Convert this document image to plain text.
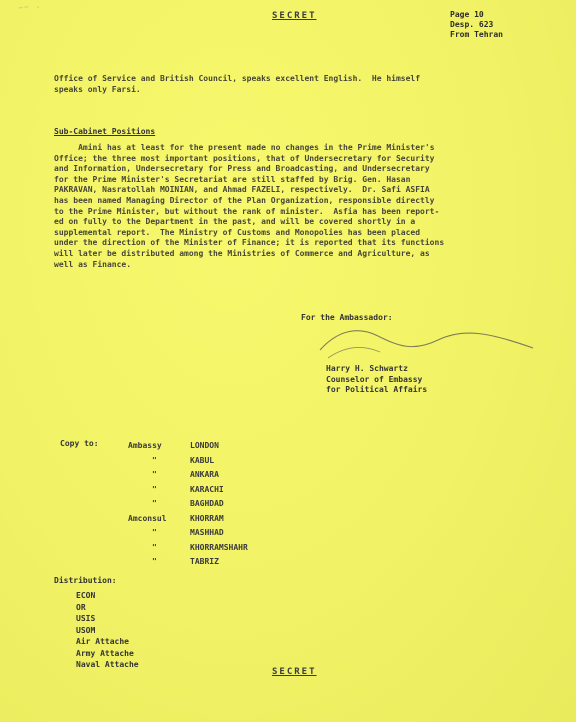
~~ .
SECRET	Page 10
Desp. 623
From Tehran
Office of Service and British Council, speaks excellent English.  He himself
speaks only Farsi.
Sub-Cabinet Positions
Amini has at least for the present made no changes in the Prime Minister's
Office; the three most important positions, that of Undersecretary for Security
and Information, Undersecretary for Press and Broadcasting, and Undersecretary
for the Prime Minister's Secretariat are still staffed by Brig. Gen. Hasan
PAKRAVAN, Nasratollah MOINIAN, and Ahmad FAZELI, respectively.  Dr. Safi ASFIA
has been named Managing Director of the Plan Organization, responsible directly
to the Prime Minister, but without the rank of minister.  Asfia has been report-
ed on fully to the Department in the past, and will be covered shortly in a
supplemental report.  The Ministry of Customs and Monopolies has been placed
under the direction of the Minister of Finance; it is reported that its functions
will later be distributed among the Ministries of Commerce and Agriculture, as
well as Finance.
For the Ambassador:
Harry H. Schwartz
Counselor of Embassy
for Political Affairs
Copy to:	Ambassy	LONDON
"	KABUL
"	ANKARA
"	KARACHI
"	BAGHDAD
Amconsul	KHORRAM
"	MASHHAD
"	KHORRAMSHAHR
"	TABRIZ
Distribution:
ECON
OR
USIS
USOM
Air Attache
Army Attache
Naval Attache
SECRET
